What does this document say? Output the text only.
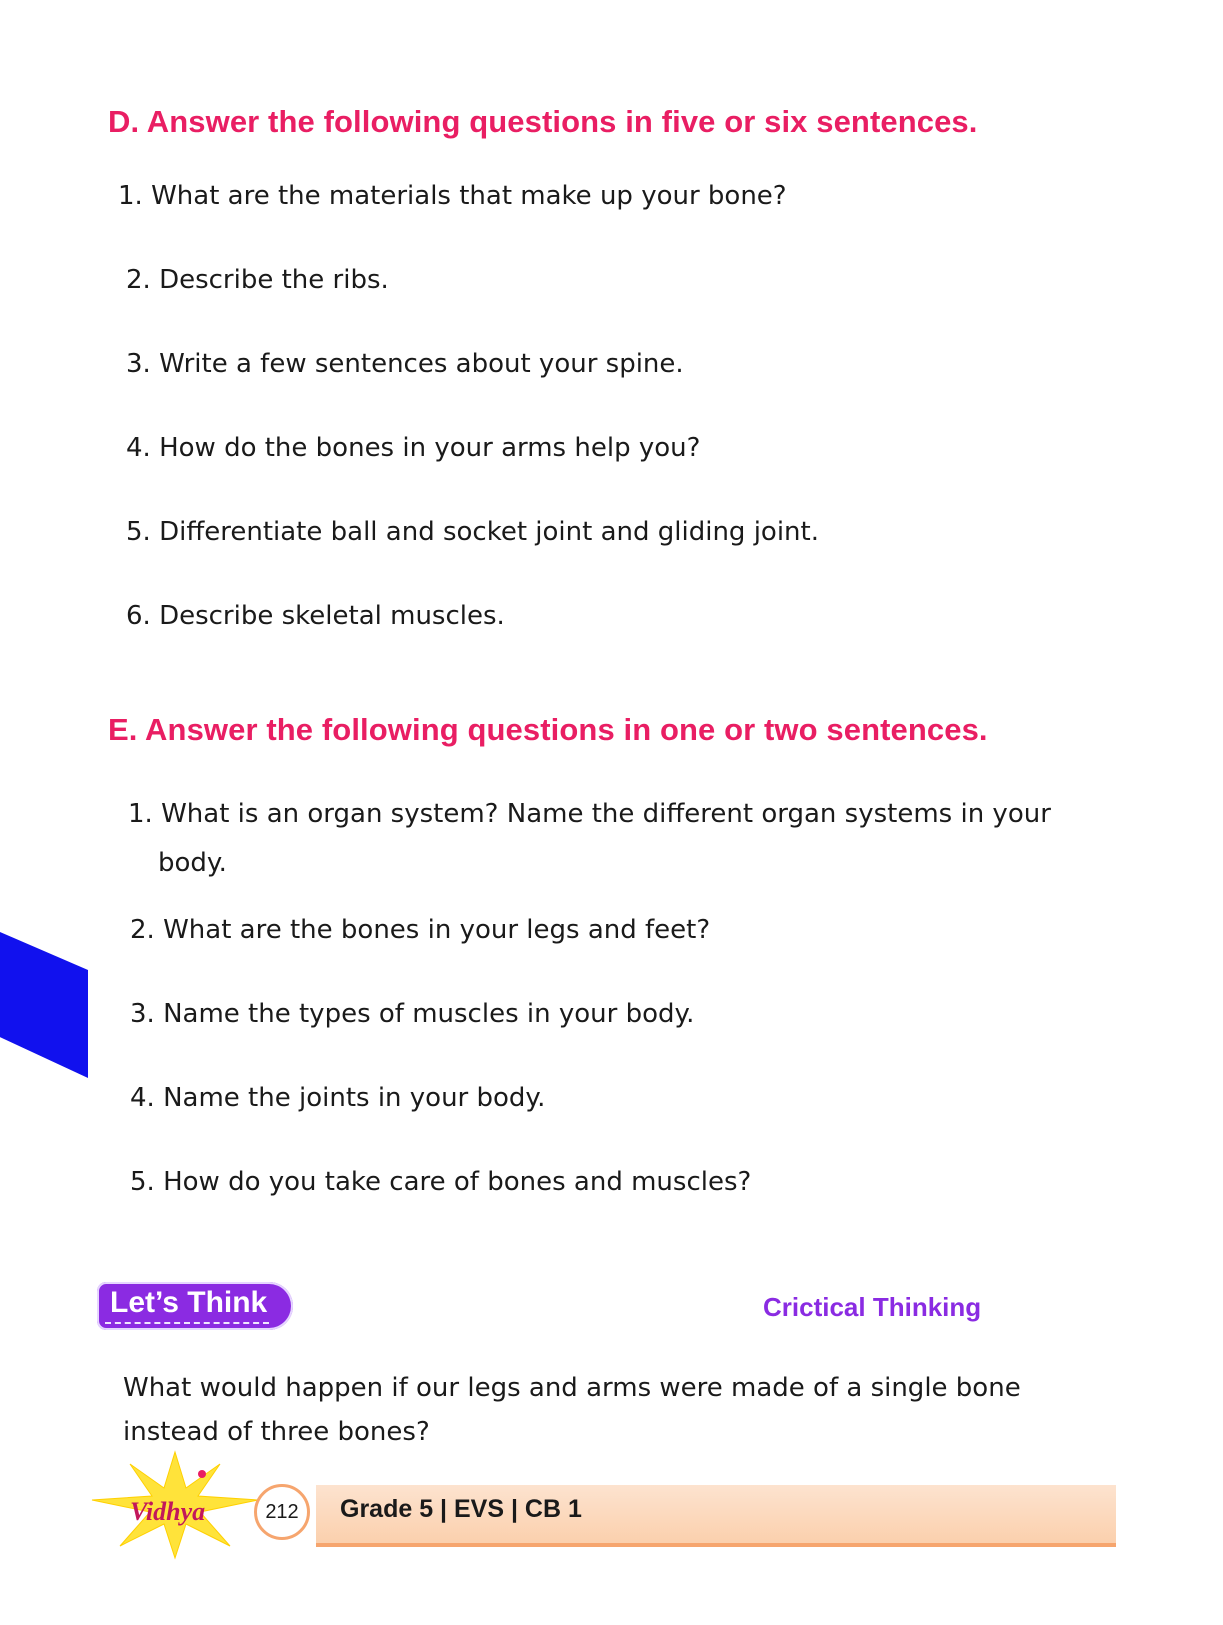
D. Answer the following questions in five or six sentences.

1. What are the materials that make up your bone?

2. Describe the ribs.

3. Write a few sentences about your spine.

4. How do the bones in your arms help you?

5. Differentiate ball and socket joint and gliding joint.

6. Describe skeletal muscles.

E. Answer the following questions in one or two sentences.

1. What is an organ system? Name the different organ systems in your
body.

2. What are the bones in your legs and feet?

3. Name the types of muscles in your body.

4. Name the joints in your body.

5. How do you take care of bones and muscles?

Let’s Think	Crictical Thinking

What would happen if our legs and arms were made of a single bone instead of three bones?

Vidhya	212	Grade 5 | EVS | CB 1
